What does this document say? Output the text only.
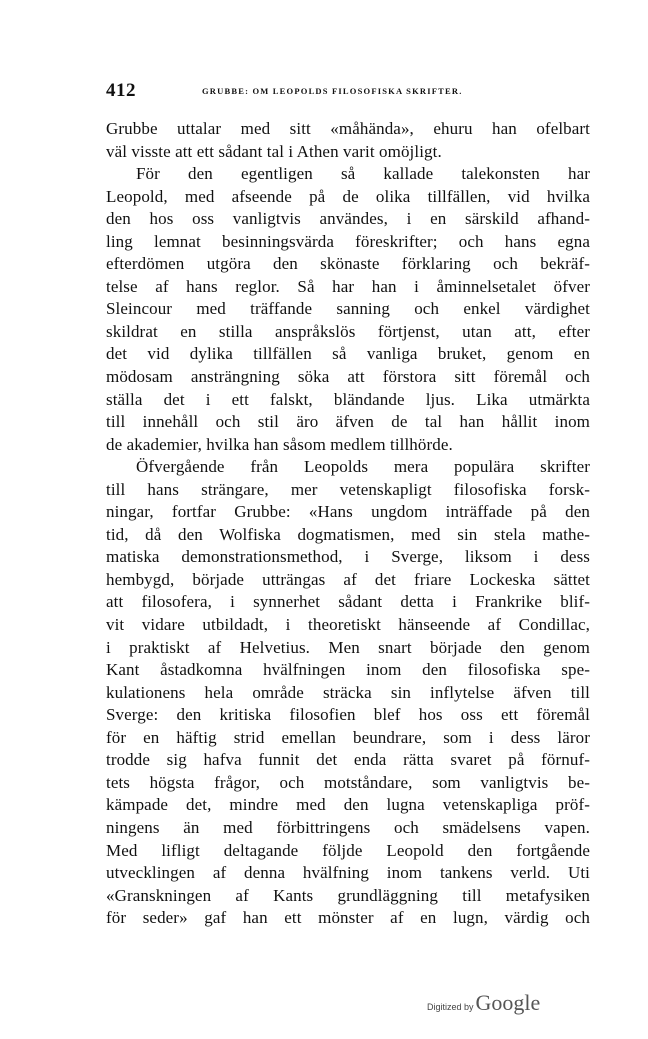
412	GRUBBE: OM LEOPOLDS FILOSOFISKA SKRIFTER.
Grubbe uttalar med sitt «måhända», ehuru han ofelbart
väl visste att ett sådant tal i Athen varit omöjligt.
För den egentligen så kallade talekonsten har
Leopold, med afseende på de olika tillfällen, vid hvilka
den hos oss vanligtvis användes, i en särskild afhand-
ling lemnat besinningsvärda föreskrifter; och hans egna
efterdömen utgöra den skönaste förklaring och bekräf-
telse af hans reglor. Så har han i åminnelsetalet öfver
Sleincour med träffande sanning och enkel värdighet
skildrat en stilla anspråkslös förtjenst, utan att, efter
det vid dylika tillfällen så vanliga bruket, genom en
mödosam ansträngning söka att förstora sitt föremål och
ställa det i ett falskt, bländande ljus. Lika utmärkta
till innehåll och stil äro äfven de tal han hållit inom
de akademier, hvilka han såsom medlem tillhörde.
Öfvergående från Leopolds mera populära skrifter
till hans strängare, mer vetenskapligt filosofiska forsk-
ningar, fortfar Grubbe: «Hans ungdom inträffade på den
tid, då den Wolfiska dogmatismen, med sin stela mathe-
matiska demonstrationsmethod, i Sverge, liksom i dess
hembygd, började utträngas af det friare Lockeska sättet
att filosofera, i synnerhet sådant detta i Frankrike blif-
vit vidare utbildadt, i theoretiskt hänseende af Condillac,
i praktiskt af Helvetius. Men snart började den genom
Kant åstadkomna hvälfningen inom den filosofiska spe-
kulationens hela område sträcka sin inflytelse äfven till
Sverge: den kritiska filosofien blef hos oss ett föremål
för en häftig strid emellan beundrare, som i dess läror
trodde sig hafva funnit det enda rätta svaret på förnuf-
tets högsta frågor, och motståndare, som vanligtvis be-
kämpade det, mindre med den lugna vetenskapliga pröf-
ningens än med förbittringens och smädelsens vapen.
Med lifligt deltagande följde Leopold den fortgående
utvecklingen af denna hvälfning inom tankens verld. Uti
«Granskningen af Kants grundläggning till metafysiken
för seder» gaf han ett mönster af en lugn, värdig och
Digitized by Google
